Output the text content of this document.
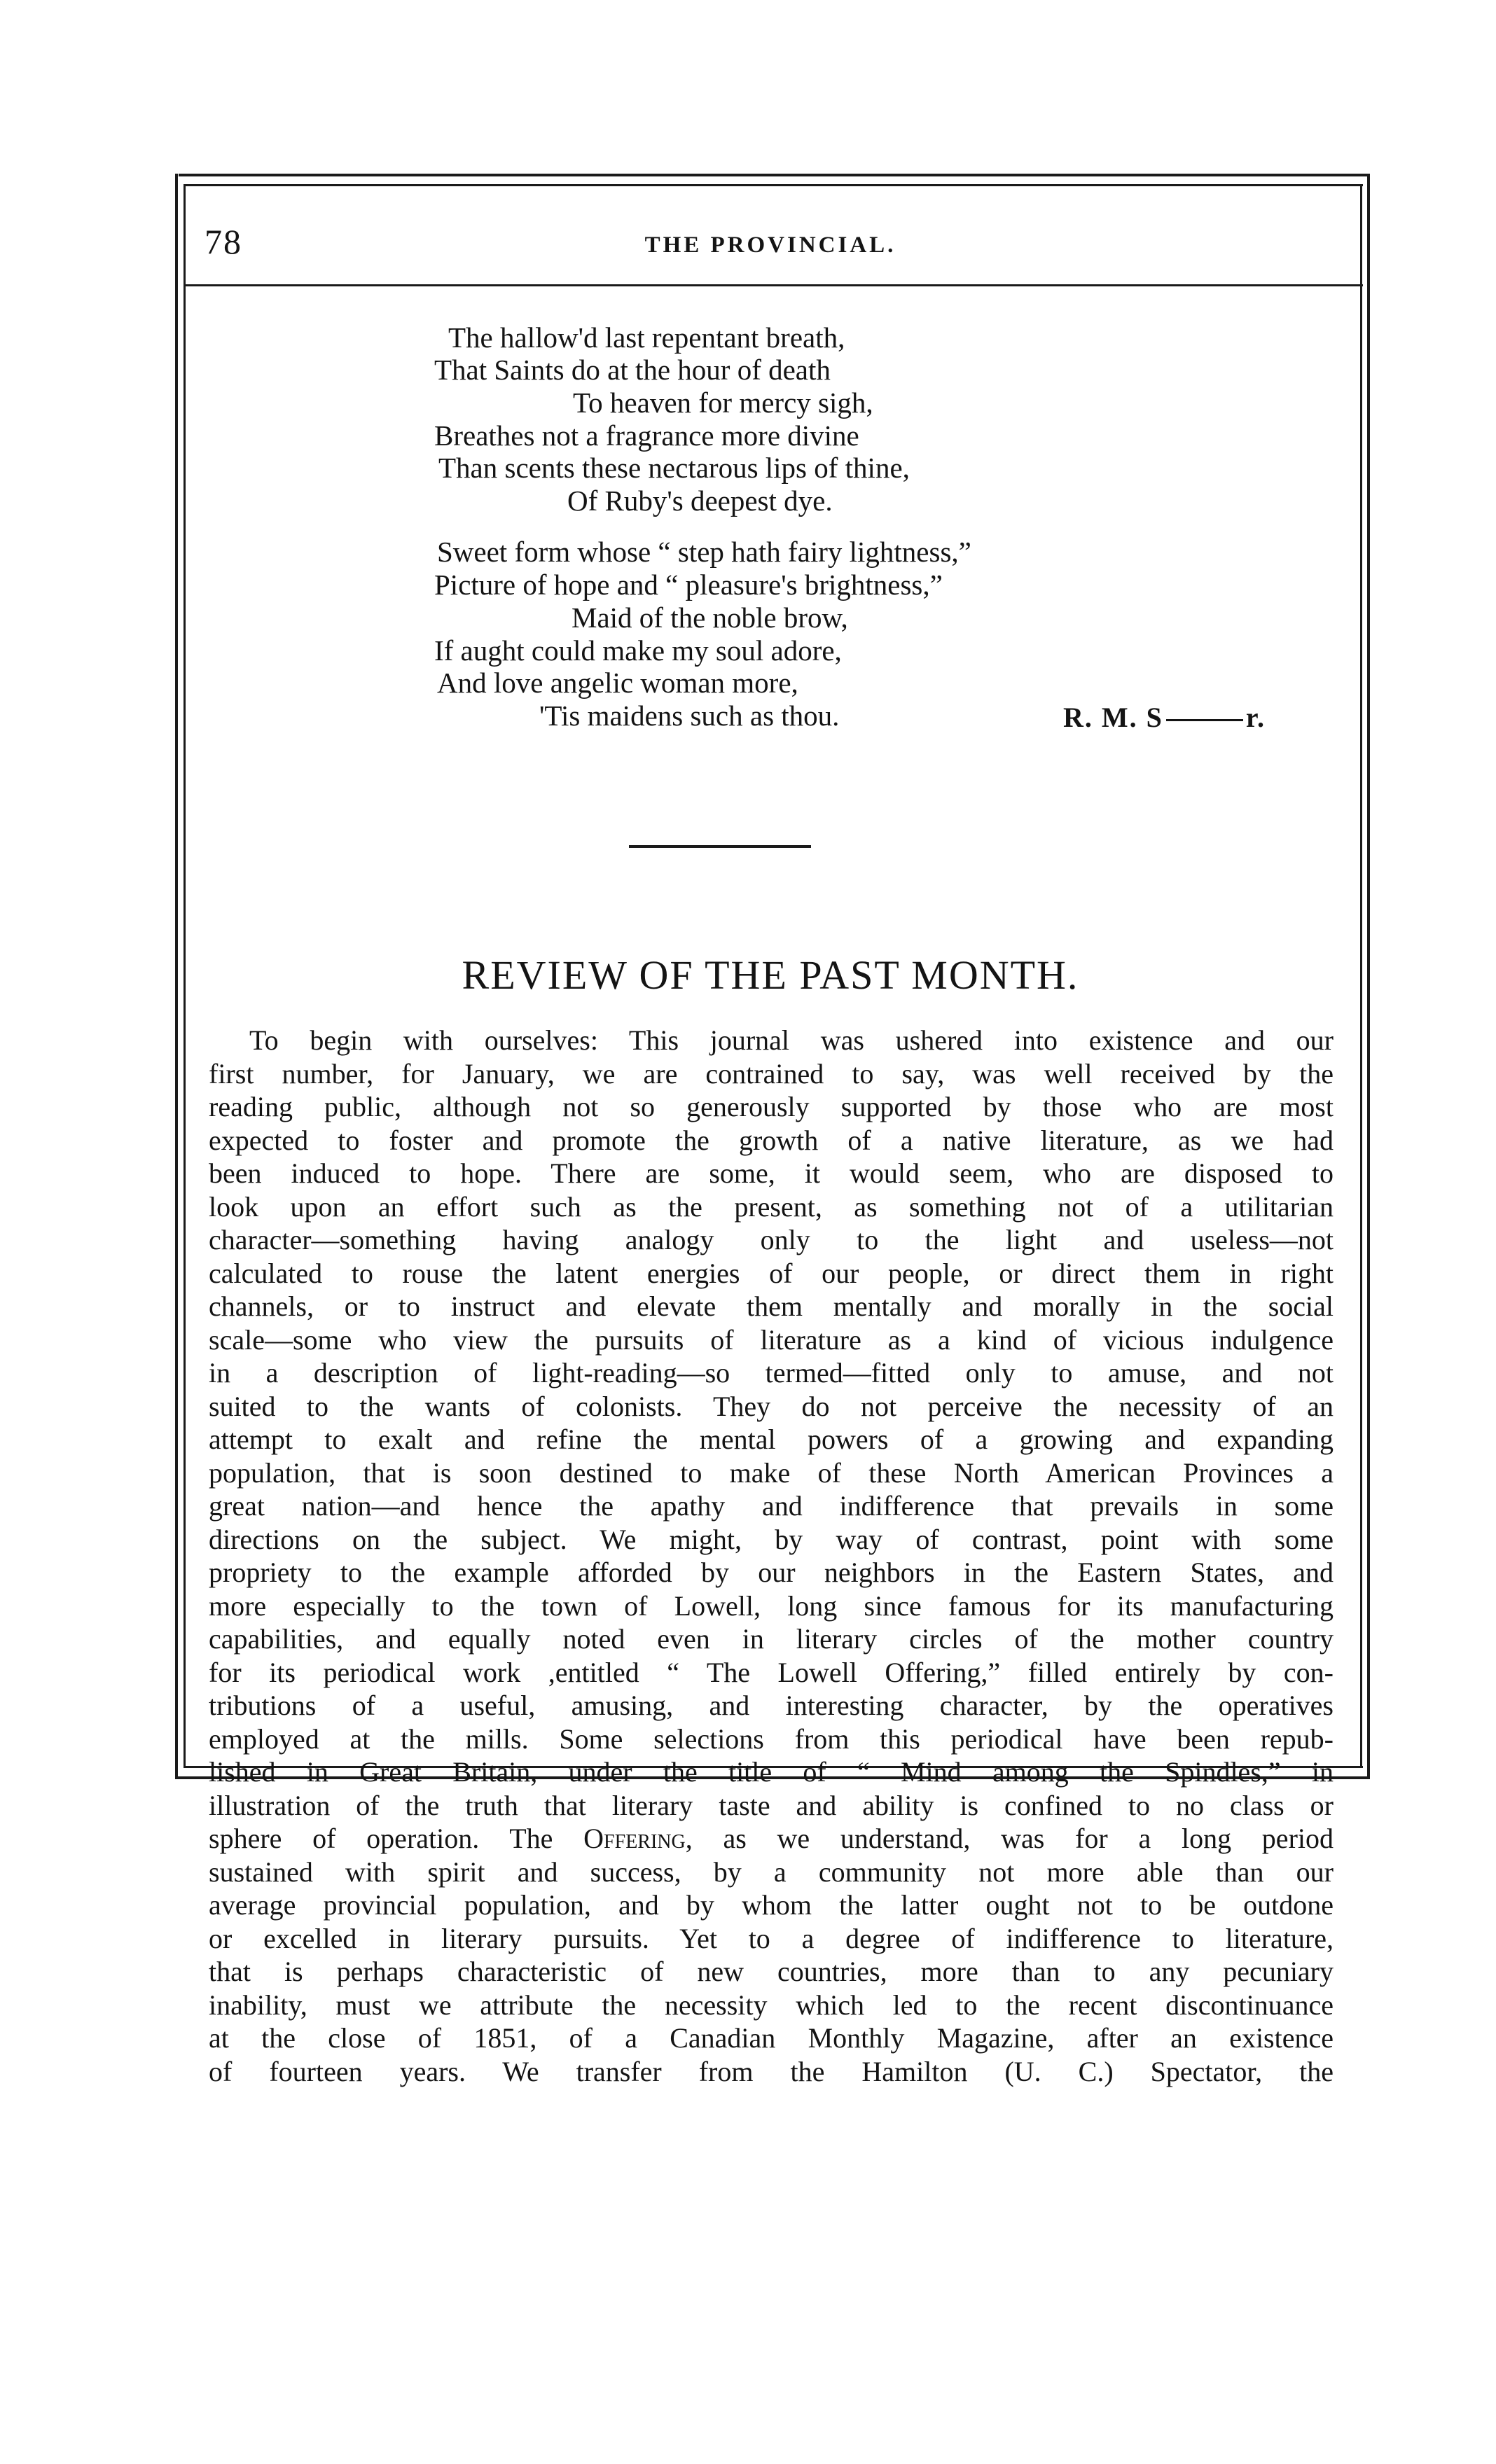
78	THE PROVINCIAL.
The hallow'd last repentant breath,
That Saints do at the hour of death
To heaven for mercy sigh,
Breathes not a fragrance more divine
Than scents these nectarous lips of thine,
Of Ruby's deepest dye.
Sweet form whose “ step hath fairy lightness,”
Picture of hope and “ pleasure's brightness,”
Maid of the noble brow,
If aught could make my soul adore,
And love angelic woman more,
'Tis maidens such as thou.	R. M. S	r.
REVIEW OF THE PAST MONTH.
To begin with ourselves: This journal was ushered into existence and our
first number, for January, we are contrained to say, was well received by the
reading public, although not so generously supported by those who are most
expected to foster and promote the growth of a native literature, as we had
been induced to hope. There are some, it would seem, who are disposed to
look upon an effort such as the present, as something not of a utilitarian
character—something having analogy only to the light and useless—not
calculated to rouse the latent energies of our people, or direct them in right
channels, or to instruct and elevate them mentally and morally in the social
scale—some who view the pursuits of literature as a kind of vicious indulgence
in a description of light-reading—so termed—fitted only to amuse, and not
suited to the wants of colonists. They do not perceive the necessity of an
attempt to exalt and refine the mental powers of a growing and expanding
population, that is soon destined to make of these North American Provinces a
great nation—and hence the apathy and indifference that prevails in some
directions on the subject. We might, by way of contrast, point with some
propriety to the example afforded by our neighbors in the Eastern States, and
more especially to the town of Lowell, long since famous for its manufacturing
capabilities, and equally noted even in literary circles of the mother country
for its periodical work ,entitled “ The Lowell Offering,” filled entirely by con-
tributions of a useful, amusing, and interesting character, by the operatives
employed at the mills. Some selections from this periodical have been repub-
lished in Great Britain, under the title of “ Mind among the Spindles,” in
illustration of the truth that literary taste and ability is confined to no class or
sphere of operation. The Offering, as we understand, was for a long period
sustained with spirit and success, by a community not more able than our
average provincial population, and by whom the latter ought not to be outdone
or excelled in literary pursuits. Yet to a degree of indifference to literature,
that is perhaps characteristic of new countries, more than to any pecuniary
inability, must we attribute the necessity which led to the recent discontinuance
at the close of 1851, of a Canadian Monthly Magazine, after an existence
of fourteen years. We transfer from the Hamilton (U. C.) Spectator, the
